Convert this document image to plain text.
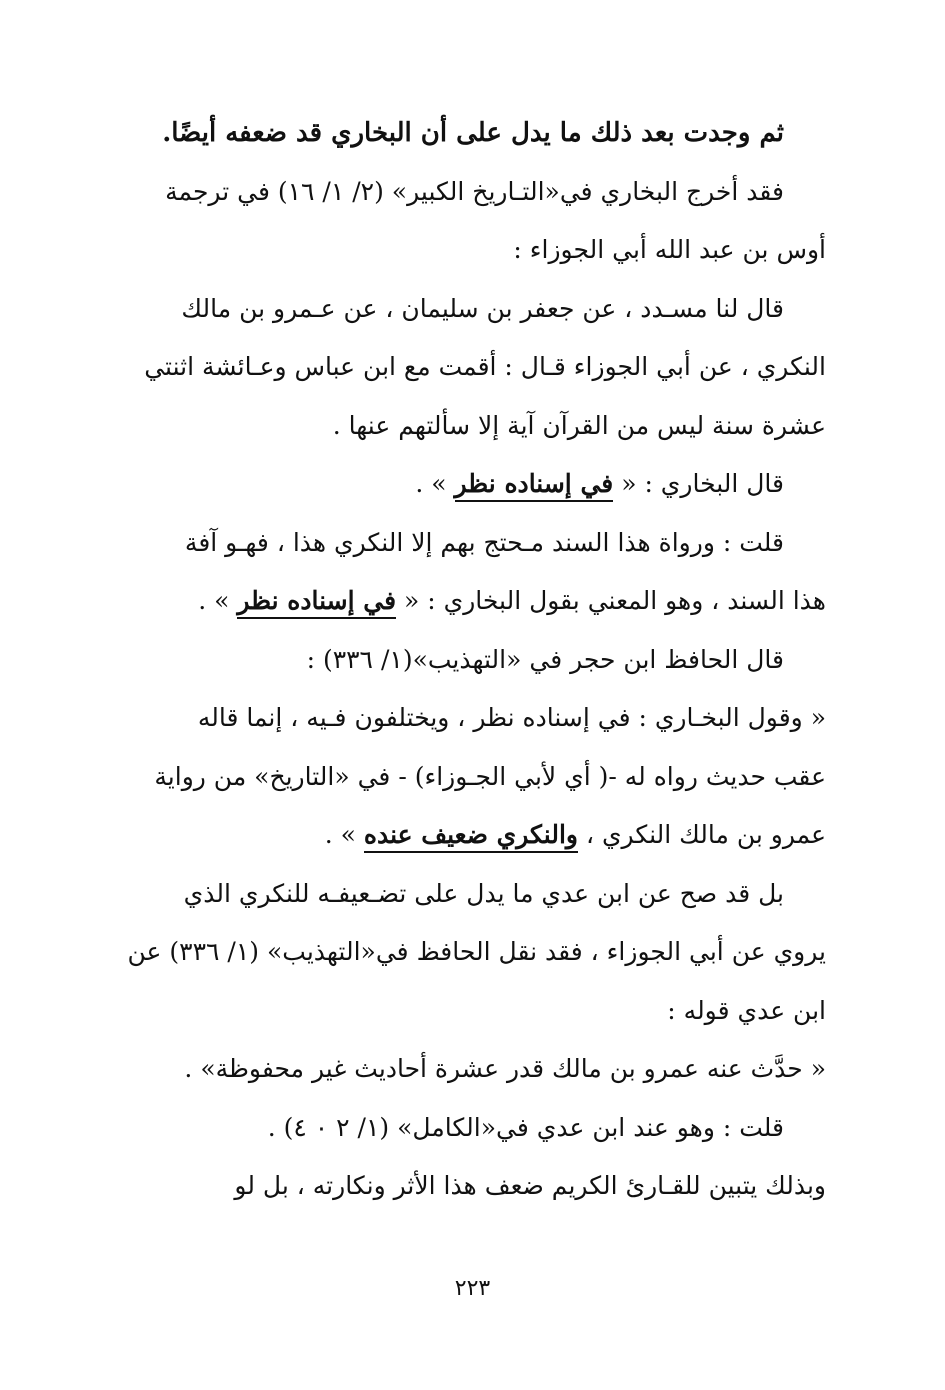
ثم وجدت بعد ذلك ما يدل على أن البخاري قد ضعفه أيضًا.
فقد أخرج البخاري في«التـاريخ الكبير» (٢/ ١/ ١٦) في ترجمة
أوس بن عبد الله أبي الجوزاء :
قال لنا مسـدد ، عن جعفر بن سليمان ، عن عـمرو بن مالك
النكري ، عن أبي الجوزاء قـال : أقمت مع ابن عباس وعـائشة اثنتي
عشرة سنة ليس من القرآن آية إلا سألتهم عنها .
قال البخاري : « في إسناده نظر » .
قلت : ورواة هذا السند مـحتج بهم إلا النكري هذا ، فهـو آفة
هذا السند ، وهو المعني بقول البخاري : « في إسناده نظر » .
قال الحافظ ابن حجر في «التهذيب»(١/ ٣٣٦) :
« وقول البخـاري : في إسناده نظر ، ويختلفون فـيه ، إنما قاله
عقب حديث رواه له -( أي لأبي الجـوزاء) - في «التاريخ» من رواية
عمرو بن مالك النكري ، والنكري ضعيف عنده » .
بل قد صح عن ابن عدي ما يدل على تضـعيفـه للنكري الذي
يروي عن أبي الجوزاء ، فقد نقل الحافظ في«التهذيب» (١/ ٣٣٦) عن
ابن عدي قوله :
« حدَّث عنه عمرو بن مالك قدر عشرة أحاديث غير محفوظة» .
قلت : وهو عند ابن عدي في«الكامل» (١/ ٢ ٠ ٤) .
وبذلك يتبين للقـارئ الكريم ضعف هذا الأثر ونكارته ، بل لو
٢٢٣
